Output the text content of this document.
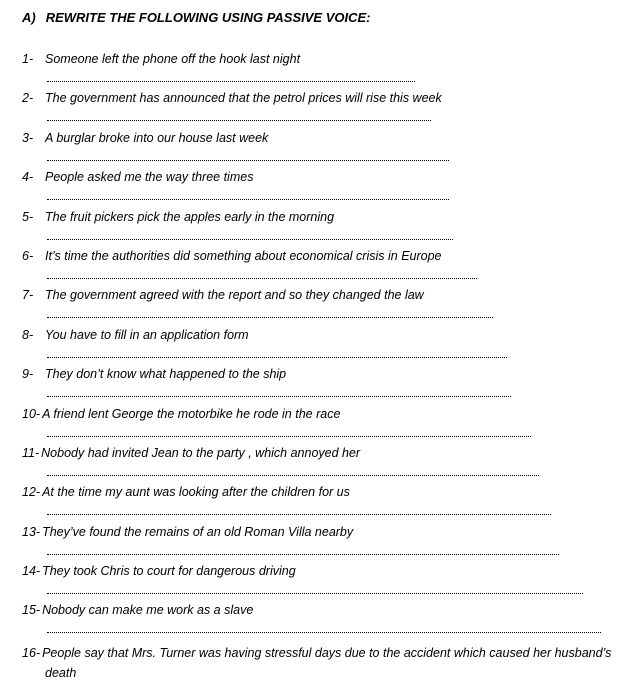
A) REWRITE THE FOLLOWING USING PASSIVE VOICE:
1- Someone left the phone off the hook last night
2- The government has announced that the petrol prices will rise this week
3- A burglar broke into our house last week
4- People asked me the way three times
5- The fruit pickers pick the apples early in the morning
6- It’s time the authorities did something about economical crisis in Europe
7- The government agreed with the report and so they changed the law
8- You have to fill in an application form
9- They don’t know what happened to the ship
10- A friend lent George the motorbike he rode in the race
11- Nobody had invited Jean to the party , which annoyed her
12- At the time my aunt was looking after the children for us
13- They’ve found the remains of an old Roman Villa nearby
14- They took Chris to court for dangerous driving
15- Nobody can make me work as a slave
16- People say that Mrs. Turner was having stressful days due to the accident which caused her husband’s
death
